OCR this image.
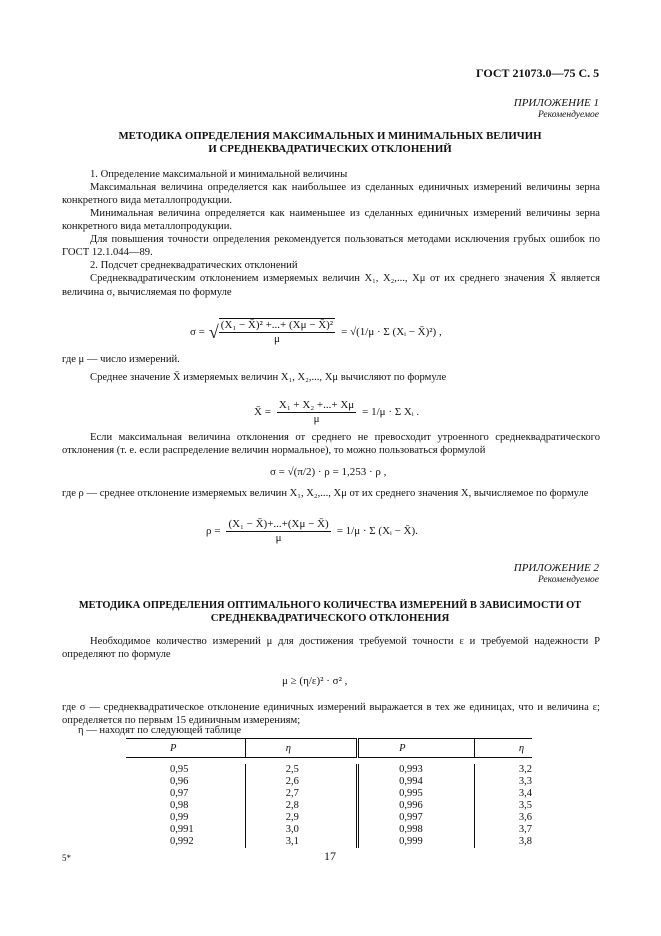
ГОСТ 21073.0—75 С. 5
ПРИЛОЖЕНИЕ 1
Рекомендуемое
МЕТОДИКА ОПРЕДЕЛЕНИЯ МАКСИМАЛЬНЫХ И МИНИМАЛЬНЫХ ВЕЛИЧИН
И СРЕДНЕКВАДРАТИЧЕСКИХ ОТКЛОНЕНИЙ
1. Определение максимальной и минимальной величины
Максимальная величина определяется как наибольшее из сделанных единичных измерений величины зерна конкретного вида металлопродукции.
Минимальная величина определяется как наименьшее из сделанных единичных измерений величины зерна конкретного вида металлопродукции.
Для повышения точности определения рекомендуется пользоваться методами исключения грубых ошибок по ГОСТ 12.1.044—89.
2. Подсчет среднеквадратических отклонений
Среднеквадратическим отклонением измеряемых величин X₁, X₂,..., Xμ от их среднего значения X̄ является величина σ, вычисляемая по формуле
σ = √ $\frac{\text{(X₁ − X̄)² +...+ (Xμ − X̄)²}}{\mu} = √(1/\mu \cdot \Sigma$ (Xᵢ − X̄)²) ,
где μ — число измерений.
Среднее значение X̄ измеряемых величин X₁, X₂,..., Xμ вычисляют по формуле
X̄ = $\frac{\text{X₁ + X₂ +...+ Xμ}}{\mu} = 1/\mu \cdot \Sigma$ Xᵢ .
Если максимальная величина отклонения от среднего не превосходит утроенного среднеквадратического отклонения (т. е. если распределение величин нормальное), то можно пользоваться формулой
σ = √(π/2) · ρ = 1,253 · ρ ,
где ρ — среднее отклонение измеряемых величин X₁, X₂,..., Xμ от их среднего значения X, вычисляемое по формуле
$\rho = \frac{\text{(X₁ − X̄)+...+(Xμ − X̄)}}{\mu} = 1/\mu \cdot \Sigma$ (Xᵢ − X̄).
ПРИЛОЖЕНИЕ 2
Рекомендуемое
МЕТОДИКА ОПРЕДЕЛЕНИЯ ОПТИМАЛЬНОГО КОЛИЧЕСТВА ИЗМЕРЕНИЙ В ЗАВИСИМОСТИ ОТ
СРЕДНЕКВАДРАТИЧЕСКОГО ОТКЛОНЕНИЯ
Необходимое количество измерений μ для достижения требуемой точности ε и требуемой надежности P определяют по формуле
μ ≥ (η/ε)² · σ² ,
где σ — среднеквадратическое отклонение единичных измерений выражается в тех же единицах, что и величина ε; определяется по первым 15 единичным измерениям;
η — находят по следующей таблице
P	η	P	η

0,95	2,5	0,993	3,2
0,96	2,6	0,994	3,3
0,97	2,7	0,995	3,4
0,98	2,8	0,996	3,5
0,99	2,9	0,997	3,6
0,991	3,0	0,998	3,7
0,992	3,1	0,999	3,8
5*	17
